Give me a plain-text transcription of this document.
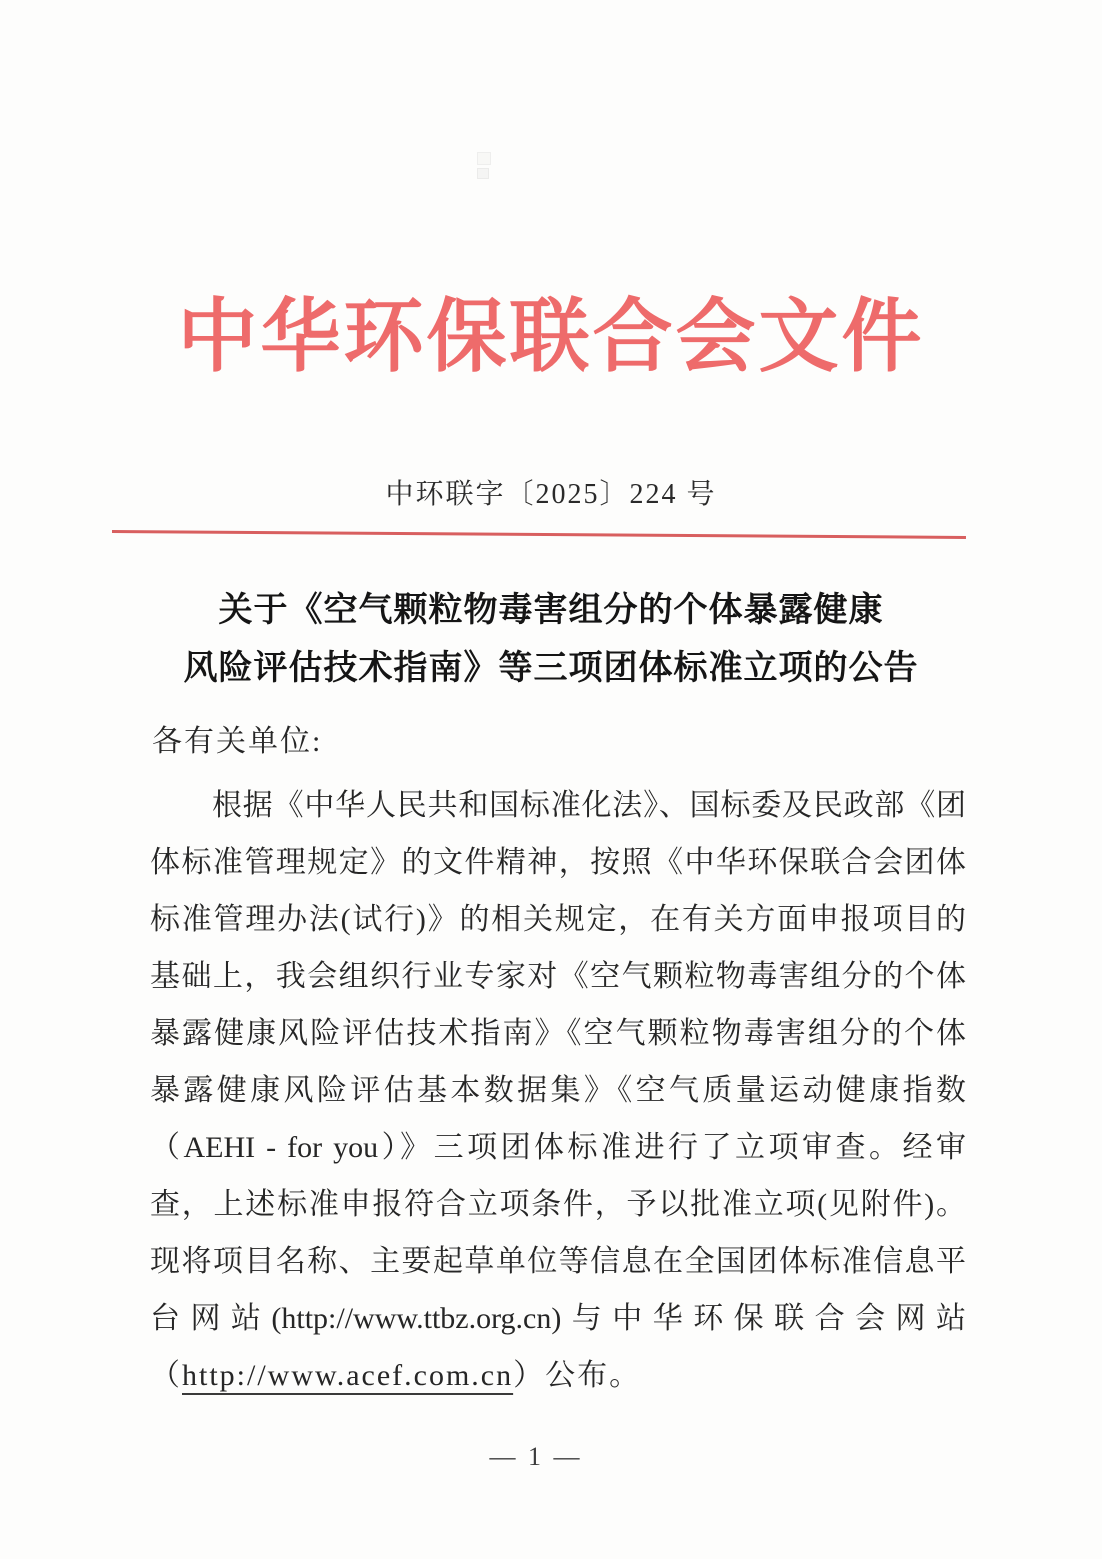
中华环保联合会文件
中环联字〔2025〕224 号
关于《空气颗粒物毒害组分的个体暴露健康
风险评估技术指南》等三项团体标准立项的公告
各有关单位:
根据《中华人民共和国标准化法》、国标委及民政部《团
体标准管理规定》的文件精神，按照《中华环保联合会团体
标准管理办法(试行)》的相关规定，在有关方面申报项目的
基础上，我会组织行业专家对《空气颗粒物毒害组分的个体
暴露健康风险评估技术指南》《空气颗粒物毒害组分的个体
暴露健康风险评估基本数据集》《空气质量运动健康指数
（AEHI - for you）》三项团体标准进行了立项审查。经审
查，上述标准申报符合立项条件，予以批准立项(见附件)。
现将项目名称、主要起草单位等信息在全国团体标准信息平
台网站(http://www.ttbz.org.cn)与中华环保联合会网站
（http://www.acef.com.cn）公布。
— 1 —
